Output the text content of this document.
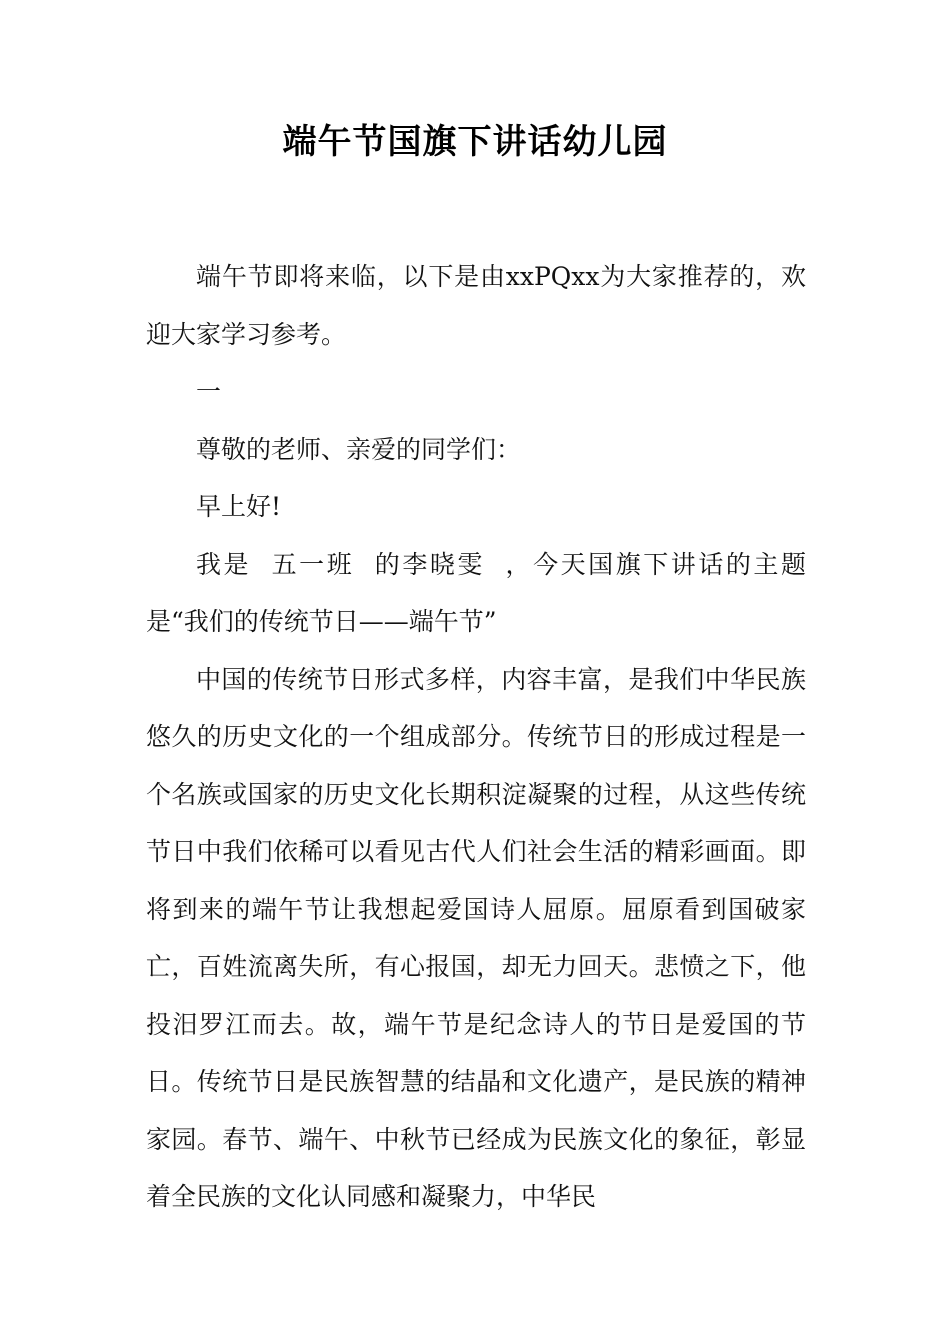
端午节国旗下讲话幼儿园

端午节即将来临，以下是由xxPQxx为大家推荐的，欢迎大家学习参考。

一

尊敬的老师、亲爱的同学们：

早上好!

我是 五一班 的李晓雯 ，今天国旗下讲话的主题是“我们的传统节日——端午节”

中国的传统节日形式多样，内容丰富，是我们中华民族悠久的历史文化的一个组成部分。传统节日的形成过程是一个名族或国家的历史文化长期积淀凝聚的过程，从这些传统节日中我们依稀可以看见古代人们社会生活的精彩画面。即将到来的端午节让我想起爱国诗人屈原。屈原看到国破家亡，百姓流离失所，有心报国，却无力回天。悲愤之下，他投汨罗江而去。故，端午节是纪念诗人的节日是爱国的节日。传统节日是民族智慧的结晶和文化遗产，是民族的精神家园。春节、端午、中秋节已经成为民族文化的象征，彰显着全民族的文化认同感和凝聚力，中华民
